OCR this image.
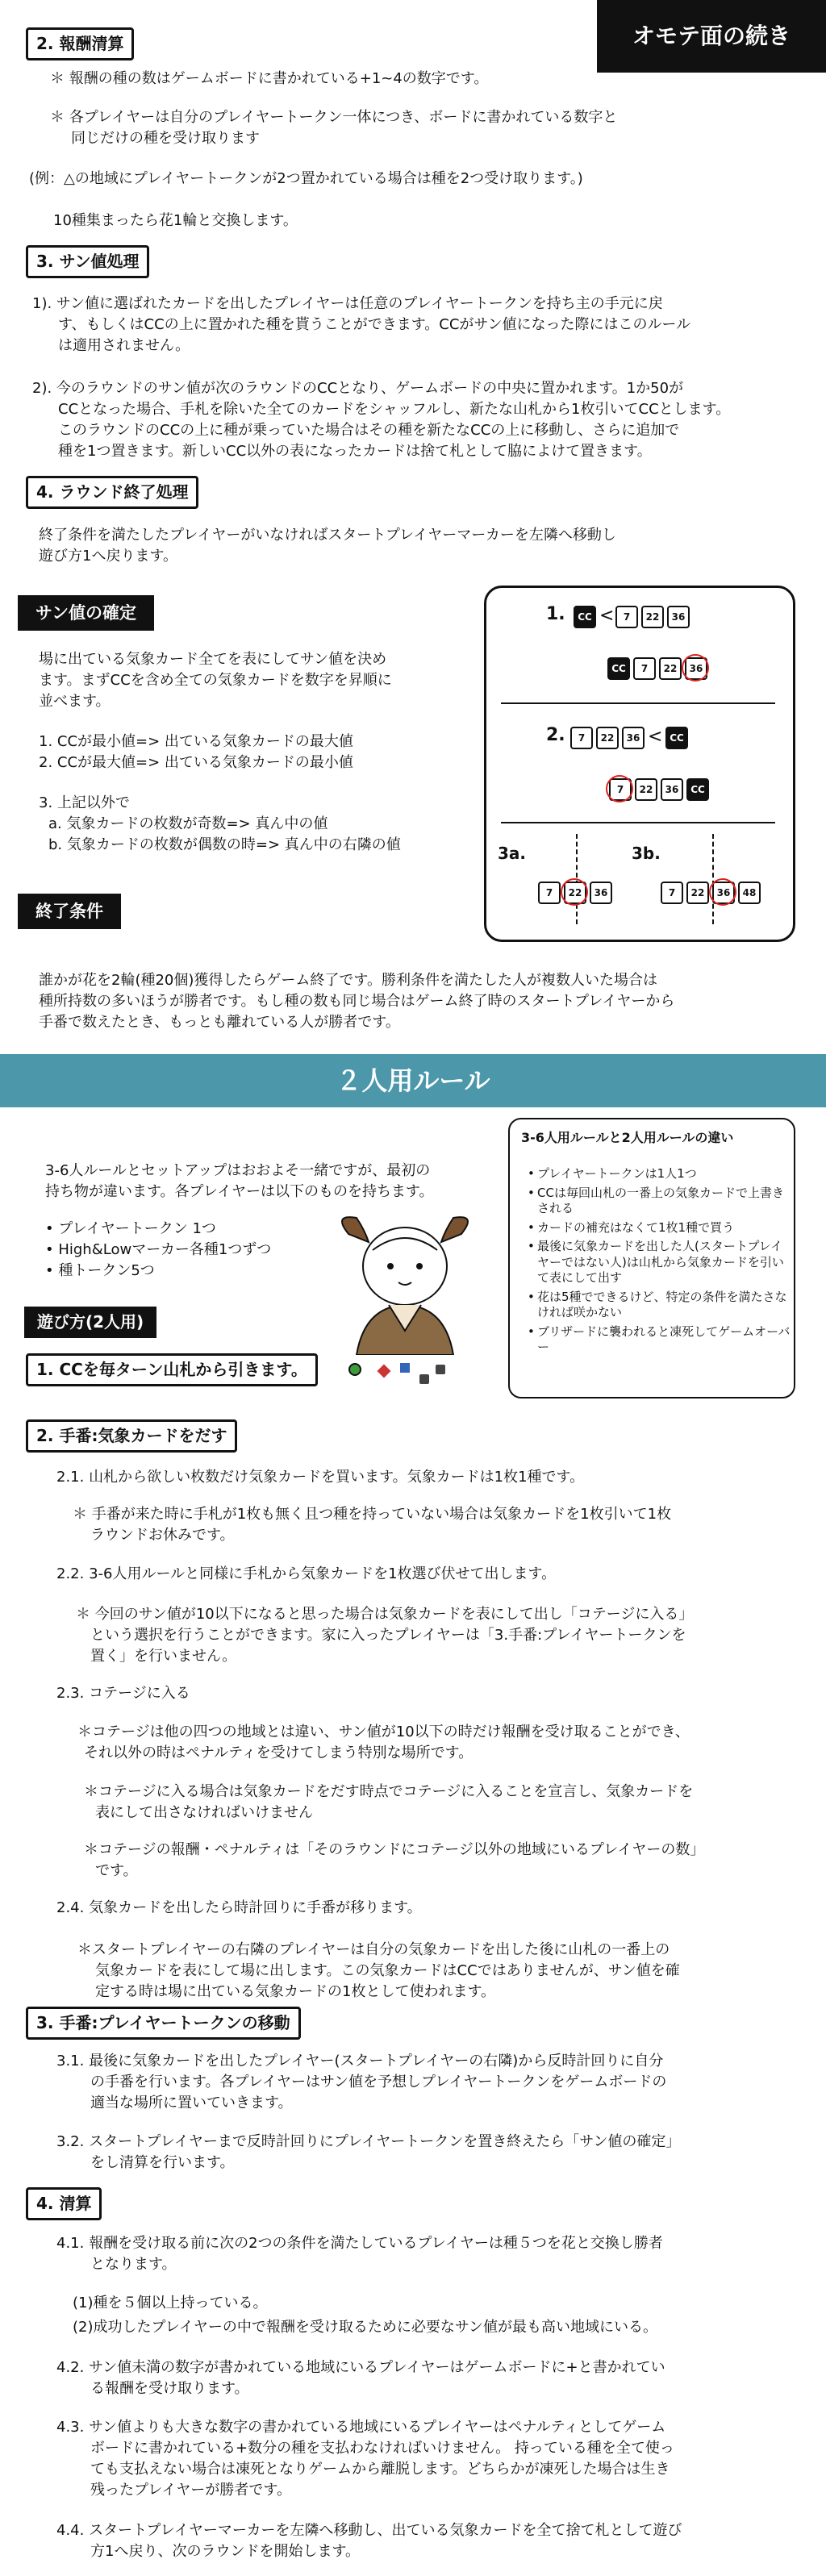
オモテ面の続き
2. 報酬清算

＊ 報酬の種の数はゲームボードに書かれている+1~4の数字です。

＊ 各プレイヤーは自分のプレイヤートークン一体につき、ボードに書かれている数字と

同じだけの種を受け取ります

(例：△の地域にプレイヤートークンが2つ置かれている場合は種を2つ受け取ります。)

10種集まったら花1輪と交換します。

3. サン値処理

1). サン値に選ばれたカードを出したプレイヤーは任意のプレイヤートークンを持ち主の手元に戻

す、もしくはCCの上に置かれた種を貰うことができます。CCがサン値になった際にはこのルール

は適用されません。

2). 今のラウンドのサン値が次のラウンドのCCとなり、ゲームボードの中央に置かれます。1か50が

CCとなった場合、手札を除いた全てのカードをシャッフルし、新たな山札から1枚引いてCCとします。

このラウンドのCCの上に種が乗っていた場合はその種を新たなCCの上に移動し、さらに追加で

種を1つ置きます。新しいCC以外の表になったカードは捨て札として脇によけて置きます。

4. ラウンド終了処理

終了条件を満たしたプレイヤーがいなければスタートプレイヤーマーカーを左隣へ移動し

遊び方1へ戻ります。

サン値の確定

場に出ている気象カード全てを表にしてサン値を決め

ます。まずCCを含め全ての気象カードを数字を昇順に

並べます。

1. CCが最小値=> 出ている気象カードの最大値

2. CCが最大値=> 出ている気象カードの最小値

3. 上記以外で

a. 気象カードの枚数が奇数=> 真ん中の値

b. 気象カードの枚数が偶数の時=> 真ん中の右隣の値

1.	CC < 7	22	36
CC	7	22	36
2.	7	22	36 < CC
7	22	36	CC
3a.	3b.
7	22	36	7	22	36	48
終了条件

誰かが花を2輪(種20個)獲得したらゲーム終了です。勝利条件を満たした人が複数人いた場合は

種所持数の多いほうが勝者です。もし種の数も同じ場合はゲーム終了時のスタートプレイヤーから

手番で数えたとき、もっとも離れている人が勝者です。

２人用ルール

3-6人ルールとセットアップはおおよそ一緒ですが、最初の

持ち物が違います。各プレイヤーは以下のものを持ちます。

• プレイヤートークン 1つ

• High&Lowマーカー各種1つずつ

• 種トークン5つ

遊び方(2人用)
1. CCを毎ターン山札から引きます。
3-6人用ルールと2人用ルールの違い
• プレイヤートークンは1人1つ
• CCは毎回山札の一番上の気象カードで上書きされる
• カードの補充はなくて1枚1種で買う
• 最後に気象カードを出した人(スタートプレイヤーではない人)は山札から気象カードを引いて表にして出す
• 花は5種でできるけど、特定の条件を満たさなければ咲かない
• ブリザードに襲われると凍死してゲームオーバー
2. 手番:気象カードをだす

2.1. 山札から欲しい枚数だけ気象カードを買います。気象カードは1枚1種です。

＊ 手番が来た時に手札が1枚も無く且つ種を持っていない場合は気象カードを1枚引いて1枚

ラウンドお休みです。

2.2. 3-6人用ルールと同様に手札から気象カードを1枚選び伏せて出します。

＊ 今回のサン値が10以下になると思った場合は気象カードを表にして出し「コテージに入る」

という選択を行うことができます。家に入ったプレイヤーは「3.手番:プレイヤートークンを

置く」を行いません。

2.3. コテージに入る

＊コテージは他の四つの地域とは違い、サン値が10以下の時だけ報酬を受け取ることができ、

それ以外の時はペナルティを受けてしまう特別な場所です。

＊コテージに入る場合は気象カードをだす時点でコテージに入ることを宣言し、気象カードを

表にして出さなければいけません

＊コテージの報酬・ペナルティは「そのラウンドにコテージ以外の地域にいるプレイヤーの数」

です。

2.4. 気象カードを出したら時計回りに手番が移ります。

＊スタートプレイヤーの右隣のプレイヤーは自分の気象カードを出した後に山札の一番上の

気象カードを表にして場に出します。この気象カードはCCではありませんが、サン値を確

定する時は場に出ている気象カードの1枚として使われます。

3. 手番:プレイヤートークンの移動

3.1. 最後に気象カードを出したプレイヤー(スタートプレイヤーの右隣)から反時計回りに自分

の手番を行います。各プレイヤーはサン値を予想しプレイヤートークンをゲームボードの

適当な場所に置いていきます。

3.2. スタートプレイヤーまで反時計回りにプレイヤートークンを置き終えたら「サン値の確定」

をし清算を行います。

4. 清算

4.1. 報酬を受け取る前に次の2つの条件を満たしているプレイヤーは種５つを花と交換し勝者

となります。

(1)種を５個以上持っている。

(2)成功したプレイヤーの中で報酬を受け取るために必要なサン値が最も高い地域にいる。

4.2. サン値未満の数字が書かれている地域にいるプレイヤーはゲームボードに+と書かれてい

る報酬を受け取ります。

4.3. サン値よりも大きな数字の書かれている地域にいるプレイヤーはペナルティとしてゲーム

ボードに書かれている+数分の種を支払わなければいけません。 持っている種を全て使っ

ても支払えない場合は凍死となりゲームから離脱します。どちらかが凍死した場合は生き

残ったプレイヤーが勝者です。

4.4. スタートプレイヤーマーカーを左隣へ移動し、出ている気象カードを全て捨て札として遊び

方1へ戻り、次のラウンドを開始します。
